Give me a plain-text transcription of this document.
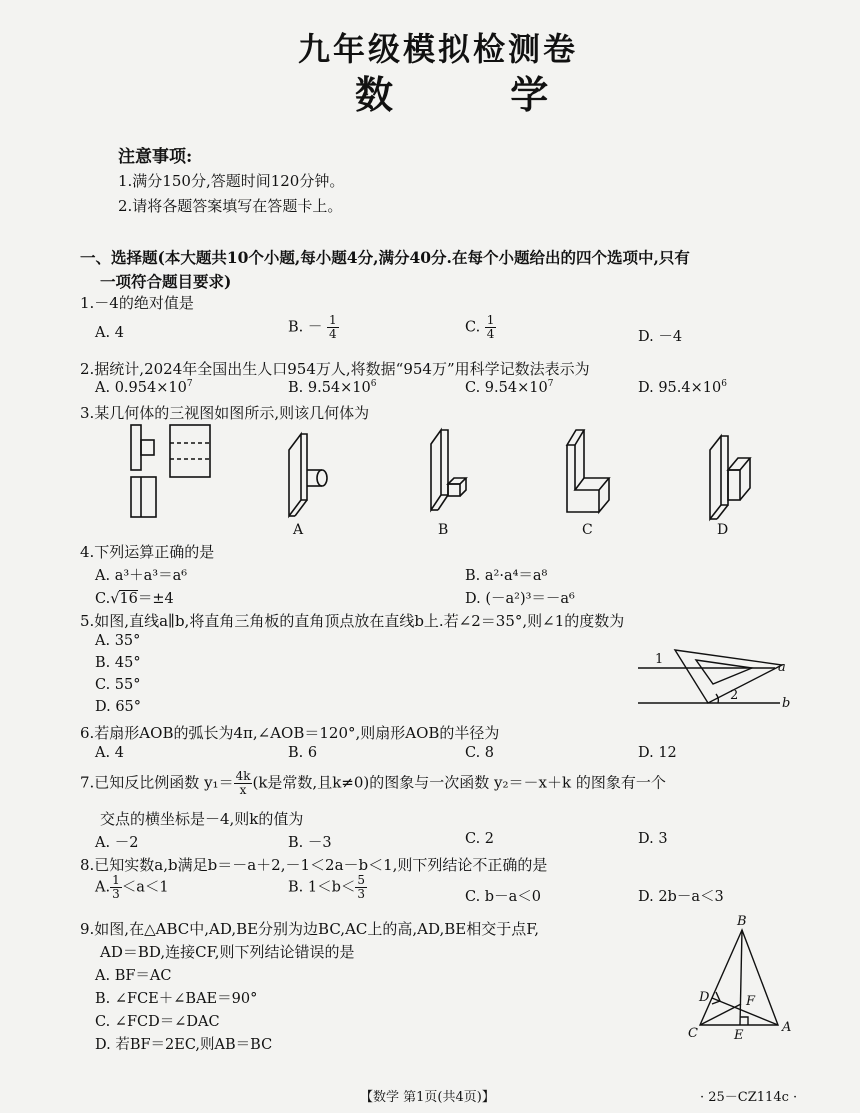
九年级模拟检测卷
数 学
注意事项:
1.满分150分,答题时间120分钟。
2.请将各题答案填写在答题卡上。
一、选择题(本大题共10个小题,每小题4分,满分40分.在每个小题给出的四个选项中,只有
一项符合题目要求)
1.－4的绝对值是
A. 4	B. － $\frac{1}{4}$	C. $\frac{1}{4}$	D. －4
2.据统计,2024年全国出生人口954万人,将数据“954万”用科学记数法表示为
A. $0.954\times 10^7$	B. $9.54\times 10^6$	C. $9.54\times 10^7$	D. $95.4\times 10^6$
3.某几何体的三视图如图所示,则该几何体为
A	B	C	D
4.下列运算正确的是
A. a³＋a³＝a⁶	B. a²·a⁴＝a⁸
C.√16＝±4	D. (－a²)³＝－a⁶
5.如图,直线a∥b,将直角三角板的直角顶点放在直线b上.若∠2＝35°,则∠1的度数为
A. 35°
B. 45°
C. 55°
D. 65°
1
2
a
b
6.若扇形AOB的弧长为4π,∠AOB＝120°,则扇形AOB的半径为
A. 4	B. 6	C. 8	D. 12
7.已知反比例函数 $y_1= \frac{4k}{x} (k$是常数,且k≠0)的图象与一次函数 y₂＝－x＋k 的图象有一个
交点的横坐标是－4,则k的值为
A. －2	B. －3	C. 2	D. 3
8.已知实数a,b满足b＝－a＋2,－1＜2a－b＜1,则下列结论不正确的是
A. $\frac{1}{3} <a<1$	B. $1<b< \frac{5}{3}$	C. b－a＜0	D. 2b－a＜3
9.如图,在△ABC中,AD,BE分别为边BC,AC上的高,AD,BE相交于点F,
AD＝BD,连接CF,则下列结论错误的是
A. BF＝AC
B. ∠FCE＋∠BAE＝90°
C. ∠FCD＝∠DAC
D. 若BF＝2EC,则AB＝BC
B
D	F
C	E
A
【数学 第1页(共4页)】	· 25－CZ114c ·
